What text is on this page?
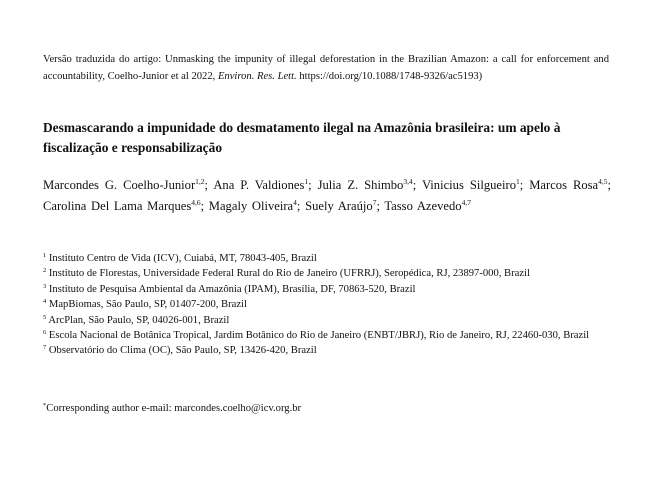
Versão traduzida do artigo: Unmasking the impunity of illegal deforestation in the Brazilian Amazon: a call for enforcement and accountability, Coelho-Junior et al 2022, Environ. Res. Lett. https://doi.org/10.1088/1748-9326/ac5193)

Desmascarando a impunidade do desmatamento ilegal na Amazônia brasileira: um apelo à fiscalização e responsabilização
Marcondes G. Coelho-Junior$^{1,2}$; Ana P. Valdiones$^1$; Julia Z. Shimbo$^{3,4}$; Vinicius Silgueiro$^1$; Marcos Rosa$^{4,5}$; Carolina Del Lama Marques$^{4,6}$; Magaly Oliveira$^4$; Suely Araújo$^7$; Tasso Azevedo$^{4,7}$

$^1$ Instituto Centro de Vida (ICV), Cuiabá, MT, 78043-405, Brazil

$^2$ Instituto de Florestas, Universidade Federal Rural do Rio de Janeiro (UFRRJ), Seropédica, RJ, 23897-000, Brazil

$^3$ Instituto de Pesquisa Ambiental da Amazônia (IPAM), Brasília, DF, 70863-520, Brazil

$^4$ MapBiomas, São Paulo, SP, 01407-200, Brazil

$^5$ ArcPlan, São Paulo, SP, 04026-001, Brazil

$^6$ Escola Nacional de Botânica Tropical, Jardim Botânico do Rio de Janeiro (ENBT/JBRJ), Rio de Janeiro, RJ, 22460-030, Brazil

$^7$ Observatório do Clima (OC), São Paulo, SP, 13426-420, Brazil

*Corresponding author e-mail: marcondes.coelho@icv.org.br
